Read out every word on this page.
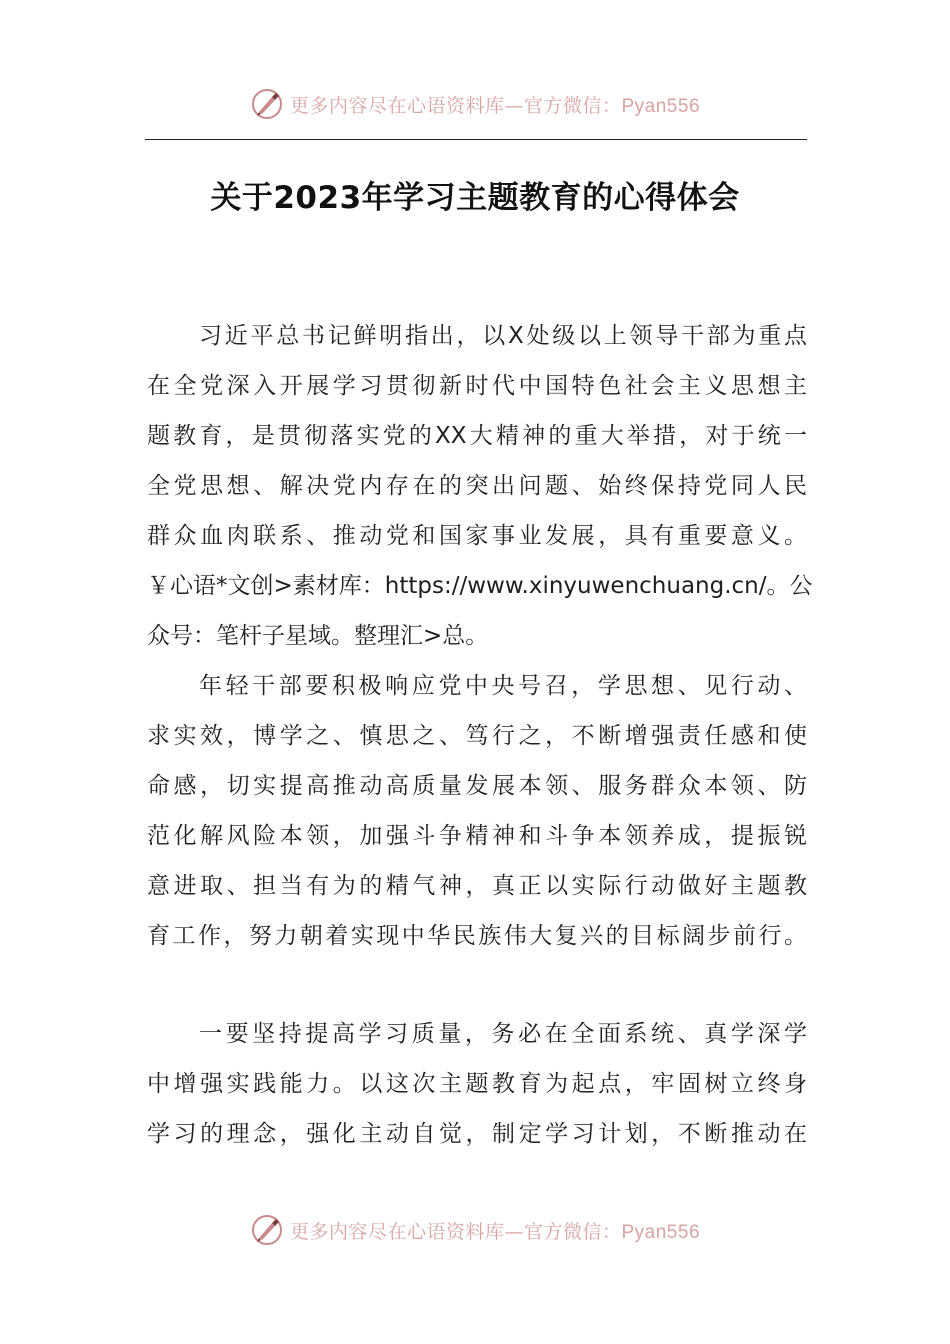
更多内容尽在心语资料库—官方微信：Pyan556
关于2023年学习主题教育的心得体会
习近平总书记鲜明指出，以X处级以上领导干部为重点
在全党深入开展学习贯彻新时代中国特色社会主义思想主
题教育，是贯彻落实党的XX大精神的重大举措，对于统一
全党思想、解决党内存在的突出问题、始终保持党同人民
群众血肉联系、推动党和国家事业发展，具有重要意义。
￥心语*文创>素材库：https://www.xinyuwenchuang.cn/。公
众号：笔杆子星域。整理汇>总。
年轻干部要积极响应党中央号召，学思想、见行动、
求实效，博学之、慎思之、笃行之，不断增强责任感和使
命感，切实提高推动高质量发展本领、服务群众本领、防
范化解风险本领，加强斗争精神和斗争本领养成，提振锐
意进取、担当有为的精气神，真正以实际行动做好主题教
育工作，努力朝着实现中华民族伟大复兴的目标阔步前行。
一要坚持提高学习质量，务必在全面系统、真学深学
中增强实践能力。以这次主题教育为起点，牢固树立终身
学习的理念，强化主动自觉，制定学习计划，不断推动在
更多内容尽在心语资料库—官方微信：Pyan556
